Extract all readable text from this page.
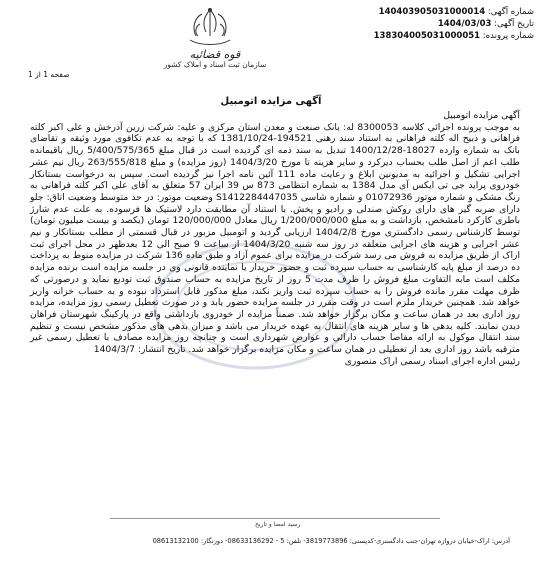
قوه قضائیه
سازمان ثبت اسناد و املاک کشور
شماره آگهی: 140403905031000014
تاریخ آگهی: 1404/03/03
شماره پرونده: 138304005031000051
صفحه 1 از 1
آگهی مزایده اتومبیل

آگهی مزایده اتومبیل

به موجب پرونده اجرائی کلاسه 8300053 له: بانک صنعت و معدن استان مرکزی و علیه: شرکت زرین آذرخش و علی اکبر کلته فراهانی و ذبیح اله کلته فراهانی به استناد سند رهنی 194521-1381/10/24 که با توجه به عدم تکافوی مورد وثیقه و تقاضای بانک به شماره وارده 18027-1400/12/28 تبدیل به سند ذمه ای گردیده است در قبال مبلغ 5/400/575/365 ریال باقیمانده طلب اعم از اصل طلب بحساب دیرکرد و سایر هزینه تا مورخ 1404/3/20 (روز مزایده) و مبلغ 263/555/818 ریال نیم عشر اجرایی تشکیل و اجرائیه به مدیونین ابلاغ و رعایت ماده 111 آئین نامه اجرا نیز گردیده است. سپس به درخواست بستانکار خودروی پراید جی تی ایکس آی مدل 1384 به شماره انتظامی 873 س 39 ایران 57 متعلق به آقای علی اکبر کلته فراهانی به رنگ مشکی و شماره موتور 01072936 و شماره شاسی S1412284447035 وضعیت موتور: در حد متوسط وضعیت اتاق: جلو دارای ضربه گیر های دارای روکش صندلی و رادیو و پخش. با استناد آن مطابقت دارد لاستیک ها فرسوده. به علت عدم شارژ باطری کارکرد نامشخص، بازداشت و به مبلغ 1/200/000/000 ریال معادل 120/000/000 تومان (یکصد و بیست میلیون تومان) توسط کارشناس رسمی دادگستری مورخ 1404/2/8 ارزیابی گردید و اتومبیل مزبور در قبال قسمتی از مطلب بستانکار و نیم عشر اجرایی و هزینه های اجرایی متعلقه در روز سه شنبه 1404/3/20 از ساعت 9 صبح الی 12 بعدظهر در محل اجرای ثبت اراک از طریق مزایده به فروش می رسد شرکت در مزایده برای عموم آزاد و طبق ماده 136 شرکت در مزایده منوط به پرداخت ده درصد از مبلغ پایه کارشناسی به حساب سپرده ثبت و حضور خریدار یا نماینده قانونی وی در جلسه مزایده است برنده مزایده مکلف است مابه التفاوت مبلغ فروش را ظرف مدت 5 روز از تاریخ مزایده به حساب صندوق ثبت تودیع نماید و درصورتی که ظرف مهلت مقرر مانده فروش را به حساب سپرده ثبت واریز نکند، مبلغ مذکور قابل استرداد نبوده و به حساب خزانه واریز خواهد شد. همچنین خریدار ملزم است در وقت مقرر در جلسه مزایده حضور یابد و در صورت تعطیل رسمی روز مزایده، مزایده روز اداری بعد در همان ساعت و مکان برگزار خواهد شد. ضمناً مزایده از خودروی بازداشتی واقع در پارکینگ شهرستان فراهان دیدن نمایند. کلیه بدهی ها و سایر هزینه های انتقال به عهده خریدار می باشد و میزان بدهی های مذکور مشخص نیست و تنظیم سند انتقال موکول به ارائه مفاصا حساب دارائی و عوارض شهرداری است و چنانچه روز مزایده مصادف با تعطیل رسمی غیر مترقبه باشد روز اداری بعد از تعطیلی در همان ساعت و مکان مزایده برگزار خواهد شد. تاریخ انتشار: 1404/3/7

رئیس اداره اجرای اسناد رسمی اراک منصوری

رسید امضا و تاریخ
آدرس: اراک-خیابان دروازه تهران-جنب دادگستری-کدپستی: 3819773896- تلفن: 5 - 08633136292- دورنگار: 08613132100
